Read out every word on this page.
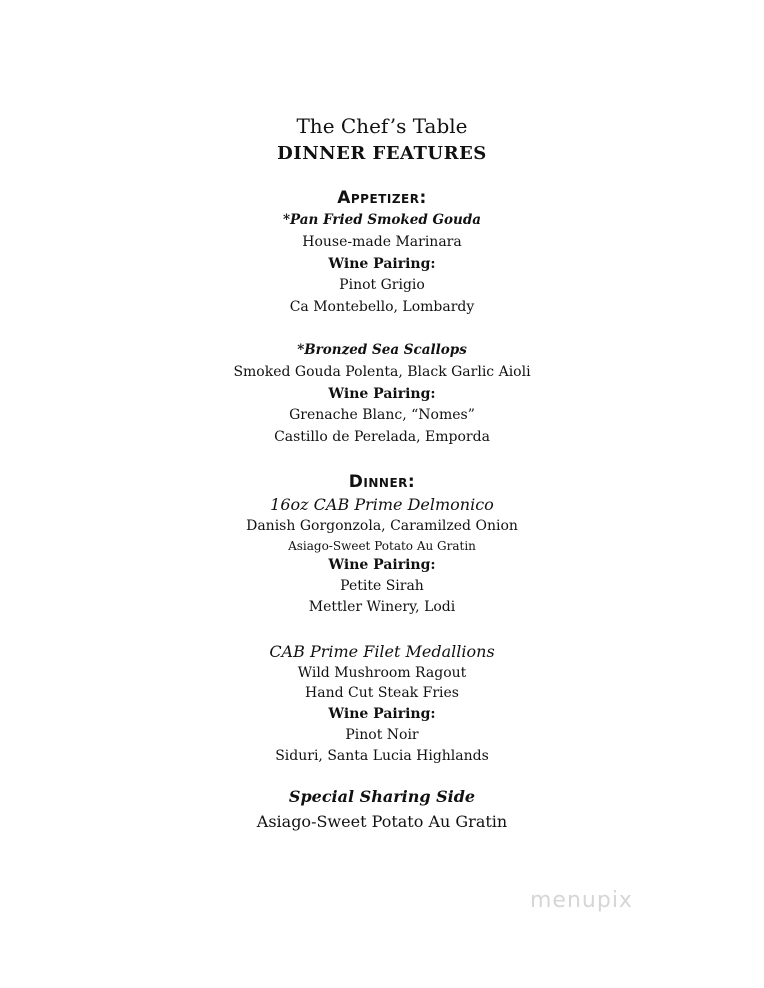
The Chef’s Table
DINNER FEATURES
Appetizer:
*Pan Fried Smoked Gouda
House-made Marinara
Wine Pairing:
Pinot Grigio
Ca Montebello, Lombardy
*Bronzed Sea Scallops
Smoked Gouda Polenta, Black Garlic Aioli
Wine Pairing:
Grenache Blanc, “Nomes”
Castillo de Perelada, Emporda
Dinner:
16oz CAB Prime Delmonico
Danish Gorgonzola, Caramilzed Onion
Asiago-Sweet Potato Au Gratin
Wine Pairing:
Petite Sirah
Mettler Winery, Lodi
CAB Prime Filet Medallions
Wild Mushroom Ragout
Hand Cut Steak Fries
Wine Pairing:
Pinot Noir
Siduri, Santa Lucia Highlands
Special Sharing Side
Asiago-Sweet Potato Au Gratin
menupix
